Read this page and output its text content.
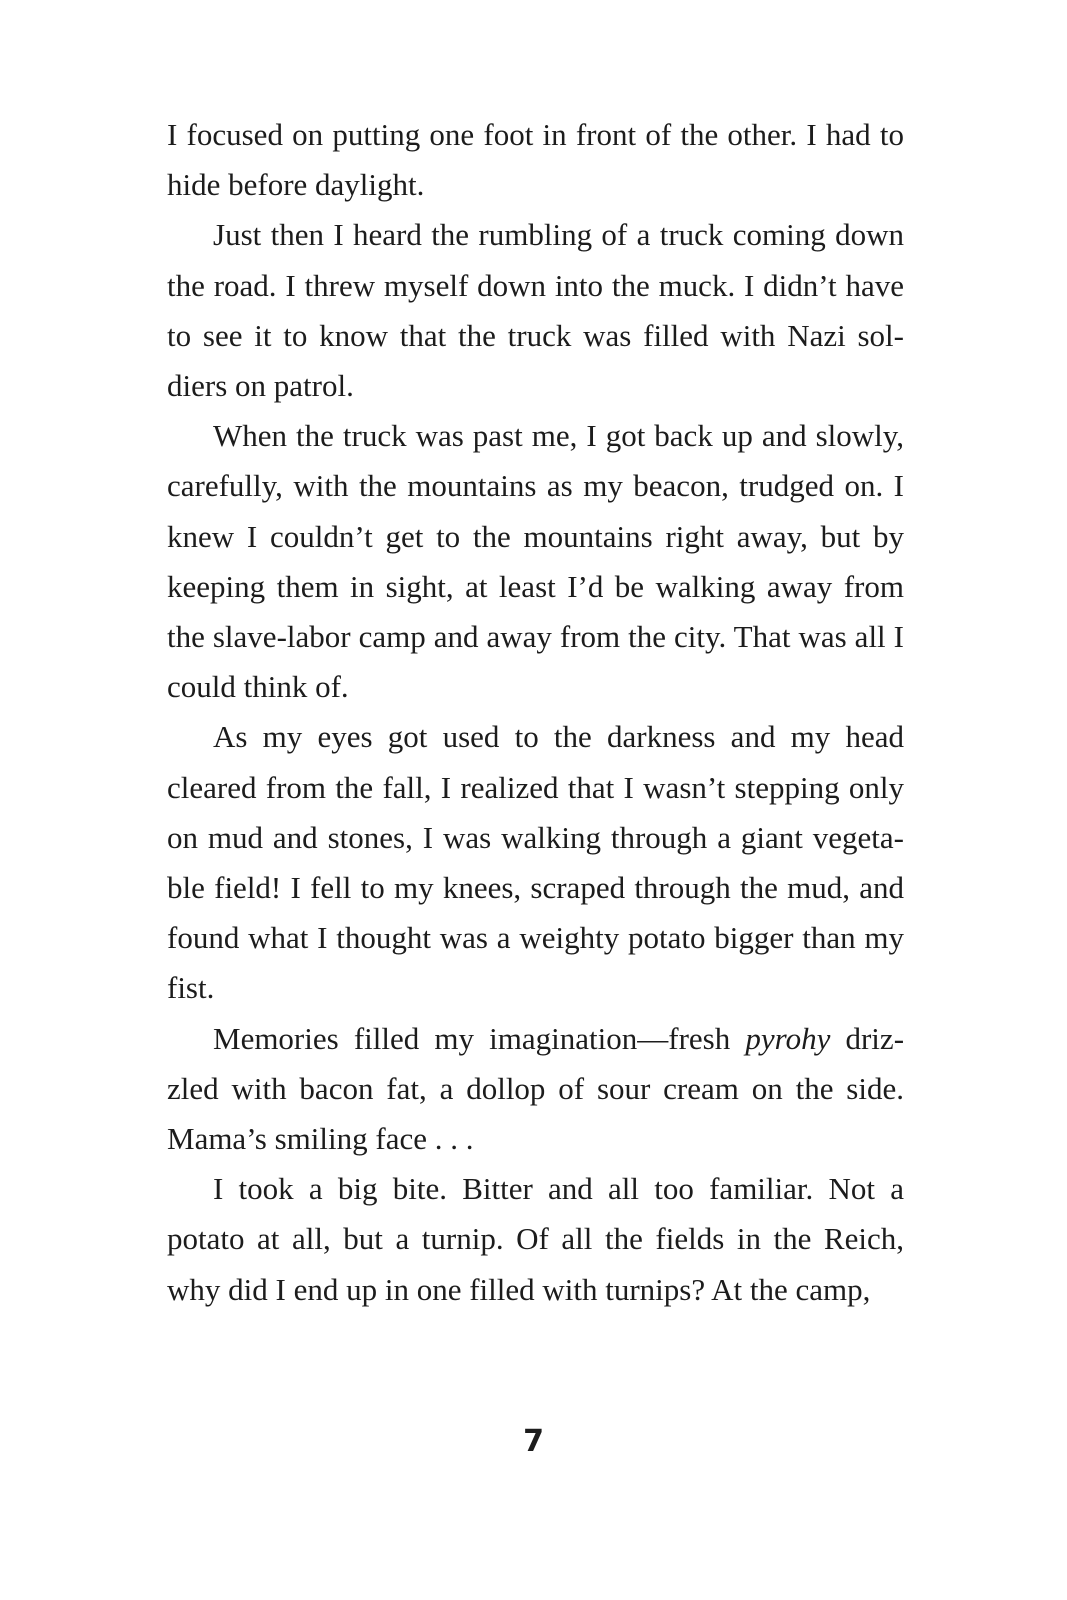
I focused on putting one foot in front of the other. I had to hide before daylight.

Just then I heard the rumbling of a truck coming down the road. I threw myself down into the muck. I didn’t have to see it to know that the truck was filled with Nazi soldiers on patrol.

When the truck was past me, I got back up and slowly, carefully, with the mountains as my beacon, trudged on. I knew I couldn’t get to the mountains right away, but by keeping them in sight, at least I’d be walking away from the slave-labor camp and away from the city. That was all I could think of.

As my eyes got used to the darkness and my head cleared from the fall, I realized that I wasn’t stepping only on mud and stones, I was walking through a giant vegetable field! I fell to my knees, scraped through the mud, and found what I thought was a weighty potato bigger than my fist.

Memories filled my imagination—fresh pyrohy drizzled with bacon fat, a dollop of sour cream on the side. Mama’s smiling face . . .

I took a big bite. Bitter and all too familiar. Not a potato at all, but a turnip. Of all the fields in the Reich, why did I end up in one filled with turnips? At the camp,

7
